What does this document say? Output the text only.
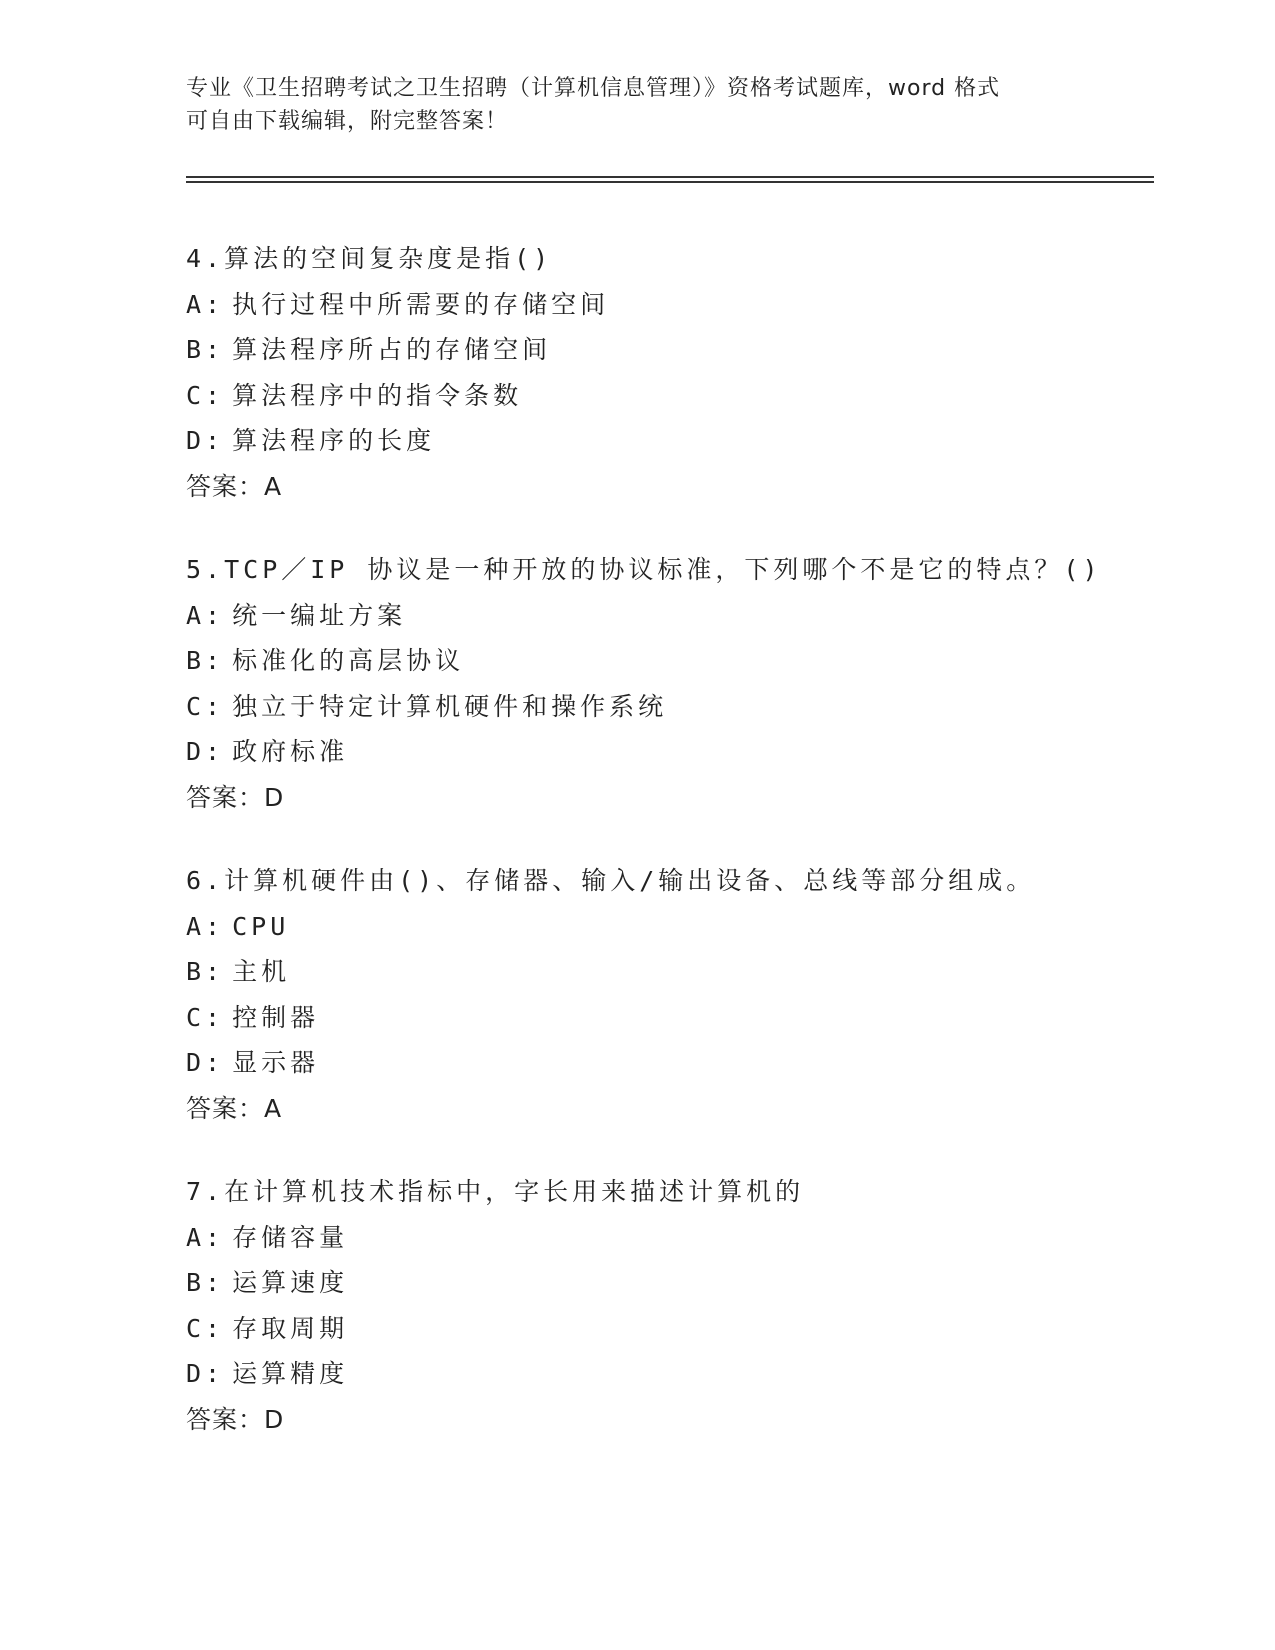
专业《卫生招聘考试之卫生招聘（计算机信息管理）》资格考试题库，word 格式
可自由下载编辑，附完整答案！
4.算法的空间复杂度是指()
A: 执行过程中所需要的存储空间
B: 算法程序所占的存储空间
C: 算法程序中的指令条数
D: 算法程序的长度
答案：A
5.TCP／IP 协议是一种开放的协议标准，下列哪个不是它的特点？()
A: 统一编址方案
B: 标准化的高层协议
C: 独立于特定计算机硬件和操作系统
D: 政府标准
答案：D
6.计算机硬件由()、存储器、输入/输出设备、总线等部分组成。
A: CPU
B: 主机
C: 控制器
D: 显示器
答案：A
7.在计算机技术指标中，字长用来描述计算机的
A: 存储容量
B: 运算速度
C: 存取周期
D: 运算精度
答案：D
